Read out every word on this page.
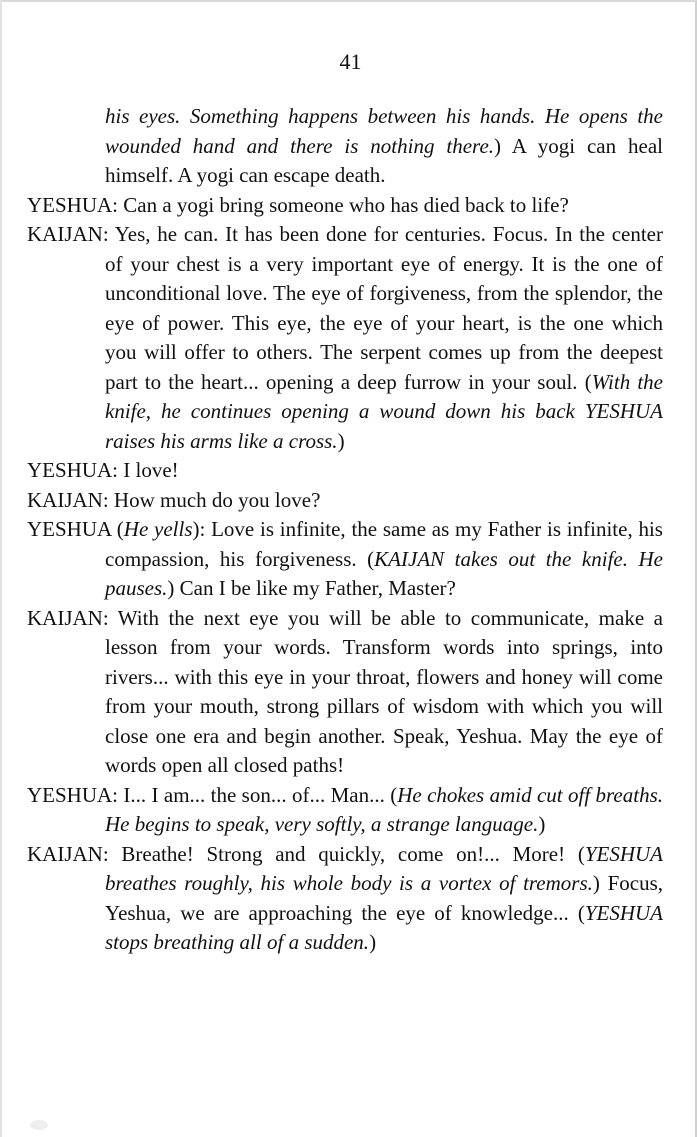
41

his eyes. Something happens between his hands. He opens the wounded hand and there is nothing there.) A yogi can heal himself. A yogi can escape death.

YESHUA: Can a yogi bring someone who has died back to life?

KAIJAN: Yes, he can. It has been done for centuries. Focus. In the center of your chest is a very important eye of energy. It is the one of unconditional love. The eye of forgiveness, from the splendor, the eye of power. This eye, the eye of your heart, is the one which you will offer to others. The serpent comes up from the deepest part to the heart... opening a deep furrow in your soul. (With the knife, he continues opening a wound down his back YESHUA raises his arms like a cross.)

YESHUA: I love!

KAIJAN: How much do you love?

YESHUA (He yells): Love is infinite, the same as my Father is infinite, his compassion, his forgiveness. (KAIJAN takes out the knife. He pauses.) Can I be like my Father, Master?

KAIJAN: With the next eye you will be able to communicate, make a lesson from your words. Transform words into springs, into rivers... with this eye in your throat, flowers and honey will come from your mouth, strong pillars of wisdom with which you will close one era and begin another. Speak, Yeshua. May the eye of words open all closed paths!

YESHUA: I... I am... the son... of... Man... (He chokes amid cut off breaths. He begins to speak, very softly, a strange language.)

KAIJAN: Breathe! Strong and quickly, come on!... More! (YESHUA breathes roughly, his whole body is a vortex of tremors.) Focus, Yeshua, we are approaching the eye of knowledge... (YESHUA stops breathing all of a sudden.)
